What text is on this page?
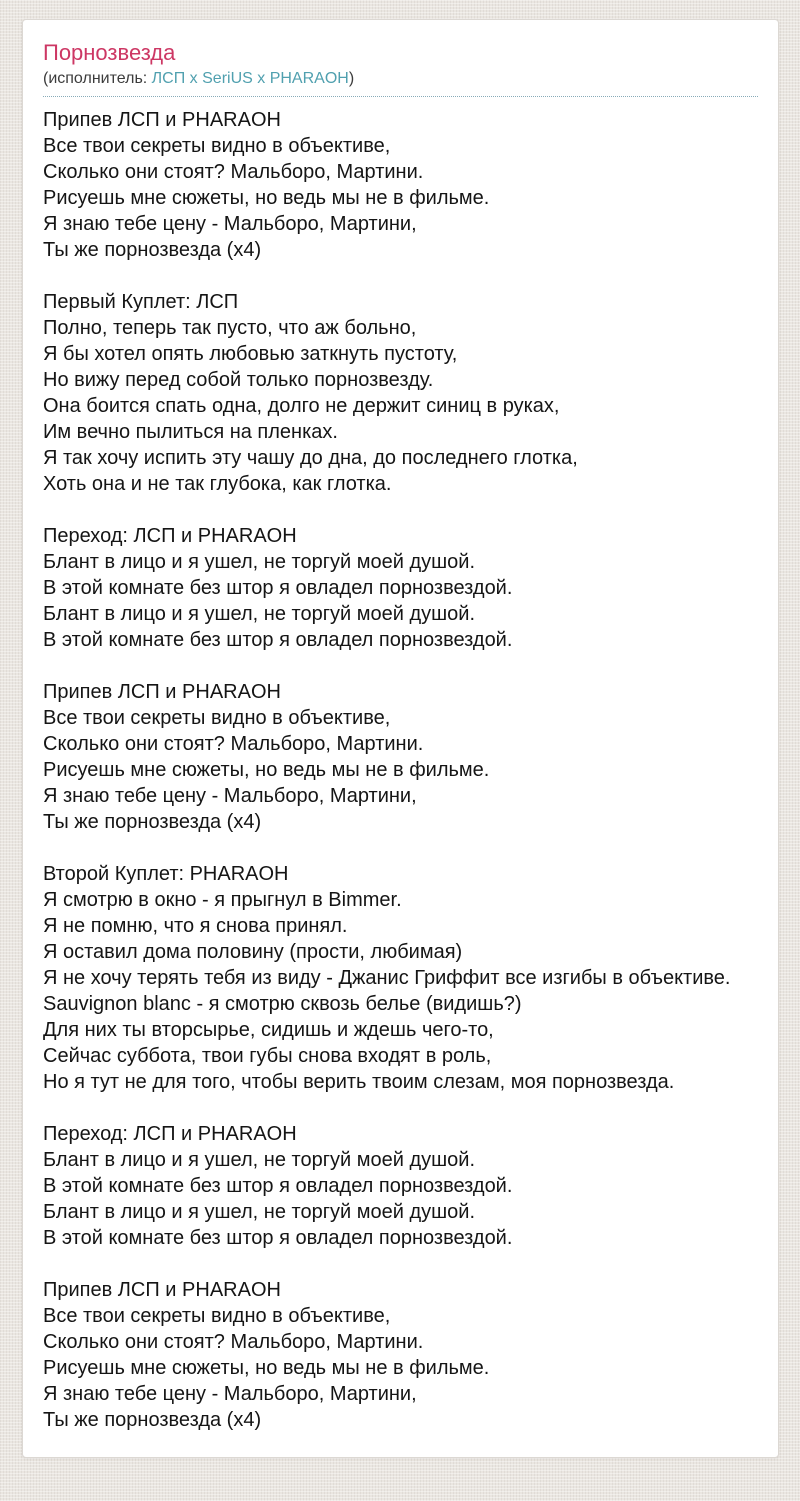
Порнозвезда
(исполнитель: ЛСП x SeriUS x PHARAOH)

Припев ЛСП и PHARAOH
Все твои секреты видно в объективе,
Сколько они стоят? Мальборо, Мартини.
Рисуешь мне сюжеты, но ведь мы не в фильме.
Я знаю тебе цену - Мальборо, Мартини,
Ты же порнозвезда (х4)

Первый Куплет: ЛСП
Полно, теперь так пусто, что аж больно,
Я бы хотел опять любовью заткнуть пустоту,
Но вижу перед собой только порнозвезду.
Она боится спать одна, долго не держит синиц в руках,
Им вечно пылиться на пленках.
Я так хочу испить эту чашу до дна, до последнего глотка,
Хоть она и не так глубока, как глотка.

Переход: ЛСП и PHARAOH
Блант в лицо и я ушел, не торгуй моей душой.
В этой комнате без штор я овладел порнозвездой.
Блант в лицо и я ушел, не торгуй моей душой.
В этой комнате без штор я овладел порнозвездой.

Припев ЛСП и PHARAOH
Все твои секреты видно в объективе,
Сколько они стоят? Мальборо, Мартини.
Рисуешь мне сюжеты, но ведь мы не в фильме.
Я знаю тебе цену - Мальборо, Мартини,
Ты же порнозвезда (х4)

Второй Куплет: PHARAOH
Я смотрю в окно - я прыгнул в Bimmer.
Я не помню, что я снова принял.
Я оставил дома половину (прости, любимая)
Я не хочу терять тебя из виду - Джанис Гриффит все изгибы в объективе.
Sauvignon blanc - я смотрю сквозь белье (видишь?)
Для них ты вторсырье, сидишь и ждешь чего-то,
Сейчас суббота, твои губы снова входят в роль,
Но я тут не для того, чтобы верить твоим слезам, моя порнозвезда.

Переход: ЛСП и PHARAOH
Блант в лицо и я ушел, не торгуй моей душой.
В этой комнате без штор я овладел порнозвездой.
Блант в лицо и я ушел, не торгуй моей душой.
В этой комнате без штор я овладел порнозвездой.

Припев ЛСП и PHARAOH
Все твои секреты видно в объективе,
Сколько они стоят? Мальборо, Мартини.
Рисуешь мне сюжеты, но ведь мы не в фильме.
Я знаю тебе цену - Мальборо, Мартини,
Ты же порнозвезда (х4)
